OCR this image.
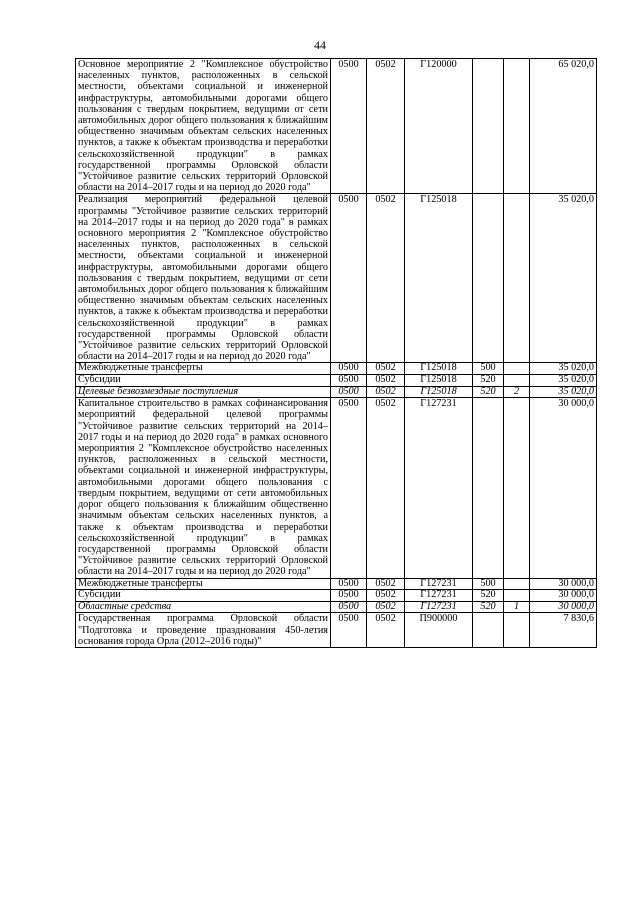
44
Основное мероприятие 2 "Комплексное обустройство населенных пунктов, расположенных в сельской местности, объектами социальной и инженерной инфраструктуры, автомобильными дорогами общего пользования с твердым покрытием, ведущими от сети автомобильных дорог общего пользования к ближайшим общественно значимым объектам сельских населенных пунктов, а также к объектам производства и переработки сельскохозяйственной продукции" в рамках государственной программы Орловской области "Устойчивое развитие сельских территорий Орловской области на 2014–2017 годы и на период до 2020 года"	0500	0502	Г120000			65 020,0
Реализация мероприятий федеральной целевой программы "Устойчивое развитие сельских территорий на 2014–2017 годы и на период до 2020 года" в рамках основного мероприятия 2 "Комплексное обустройство населенных пунктов, расположенных в сельской местности, объектами социальной и инженерной инфраструктуры, автомобильными дорогами общего пользования с твердым покрытием, ведущими от сети автомобильных дорог общего пользования к ближайшим общественно значимым объектам сельских населенных пунктов, а также к объектам производства и переработки сельскохозяйственной продукции" в рамках государственной программы Орловской области "Устойчивое развитие сельских территорий Орловской области на 2014–2017 годы и на период до 2020 года"	0500	0502	Г125018			35 020,0
Межбюджетные трансферты	0500	0502	Г125018	500		35 020,0
Субсидии	0500	0502	Г125018	520		35 020,0
Целевые безвозмездные поступления	0500	0502	Г125018	520	2	35 020,0
Капитальное строительство в рамках софинансирования мероприятий федеральной целевой программы "Устойчивое развитие сельских территорий на 2014–2017 годы и на период до 2020 года" в рамках основного мероприятия 2 "Комплексное обустройство населенных пунктов, расположенных в сельской местности, объектами социальной и инженерной инфраструктуры, автомобильными дорогами общего пользования с твердым покрытием, ведущими от сети автомобильных дорог общего пользования к ближайшим общественно значимым объектам сельских населенных пунктов, а также к объектам производства и переработки сельскохозяйственной продукции" в рамках государственной программы Орловской области "Устойчивое развитие сельских территорий Орловской области на 2014–2017 годы и на период до 2020 года"	0500	0502	Г127231			30 000,0
Межбюджетные трансферты	0500	0502	Г127231	500		30 000,0
Субсидии	0500	0502	Г127231	520		30 000,0
Областные средства	0500	0502	Г127231	520	1	30 000,0
Государственная программа Орловской области "Подготовка и проведение празднования 450-летия основания города Орла (2012–2016 годы)"	0500	0502	П900000			7 830,6
